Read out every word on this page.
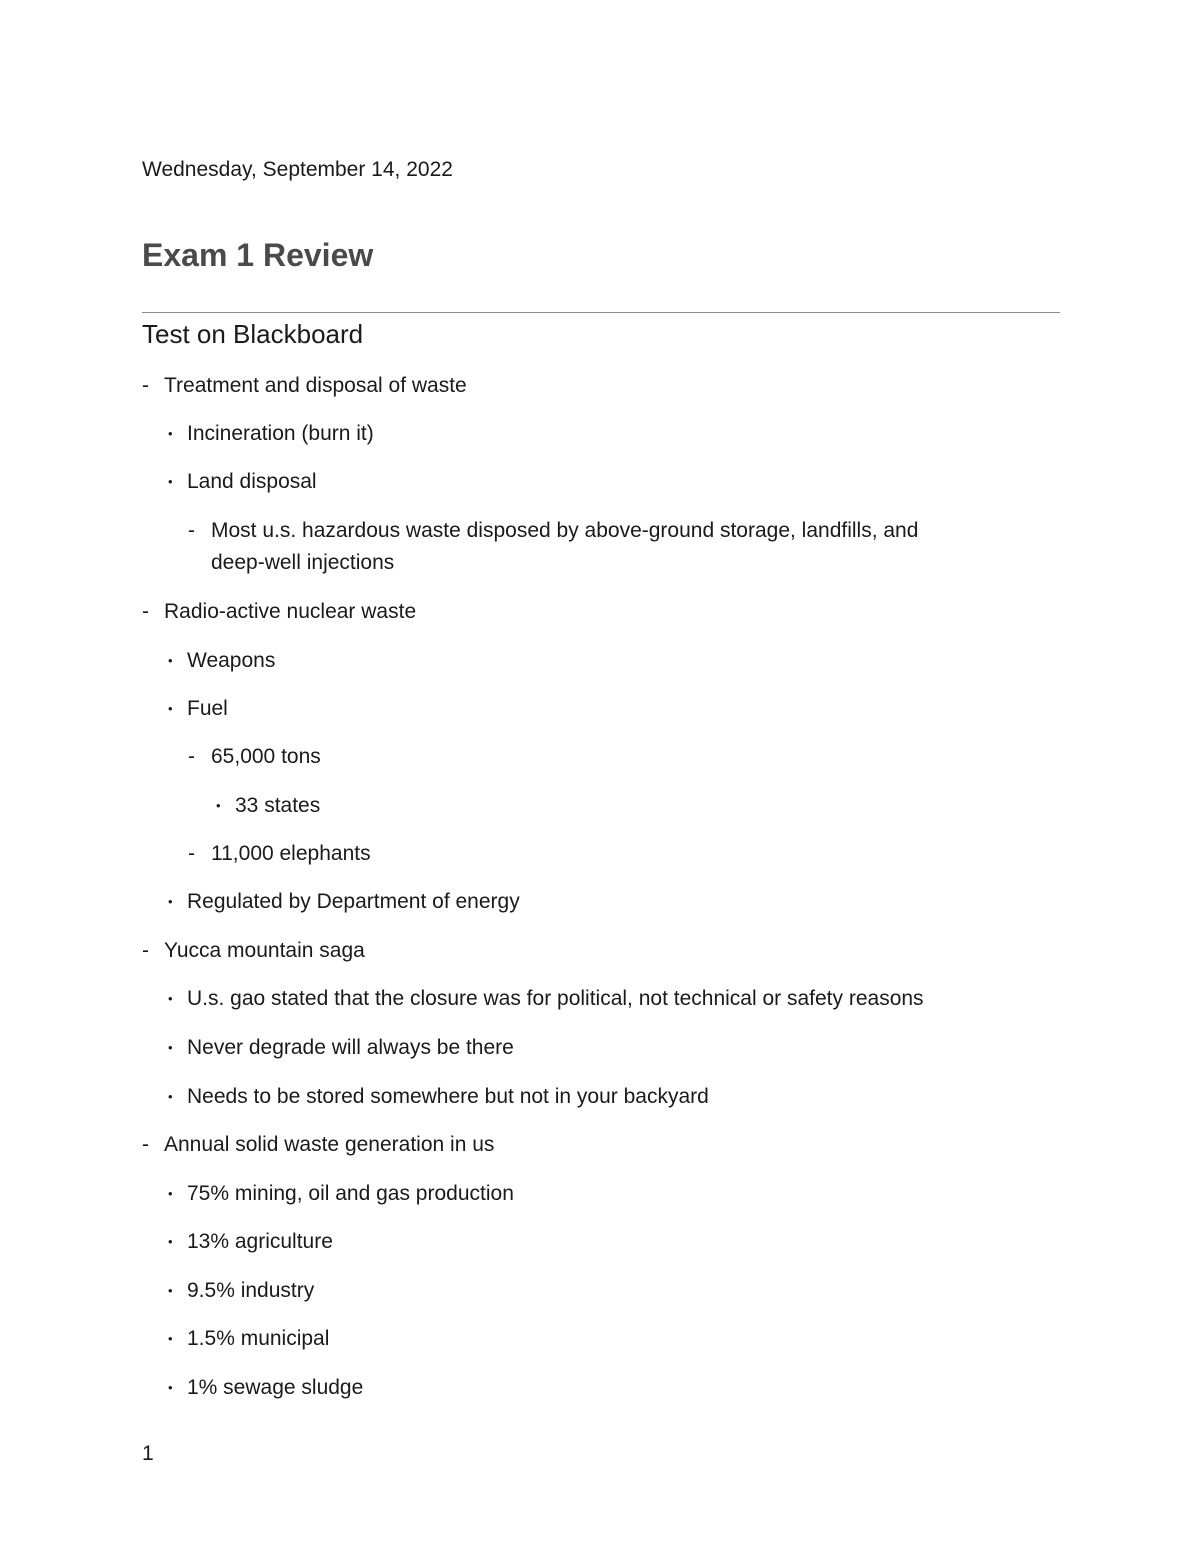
Wednesday, September 14, 2022
Exam 1 Review
Test on Blackboard
- Treatment and disposal of waste
• Incineration (burn it)
• Land disposal
- Most u.s. hazardous waste disposed by above-ground storage, landfills, and
deep-well injections
- Radio-active nuclear waste
• Weapons
• Fuel
- 65,000 tons
• 33 states
- 11,000 elephants
• Regulated by Department of energy
- Yucca mountain saga
• U.s. gao stated that the closure was for political, not technical or safety reasons
• Never degrade will always be there
• Needs to be stored somewhere but not in your backyard
- Annual solid waste generation in us
• 75% mining, oil and gas production
• 13% agriculture
• 9.5% industry
• 1.5% municipal
• 1% sewage sludge
1
